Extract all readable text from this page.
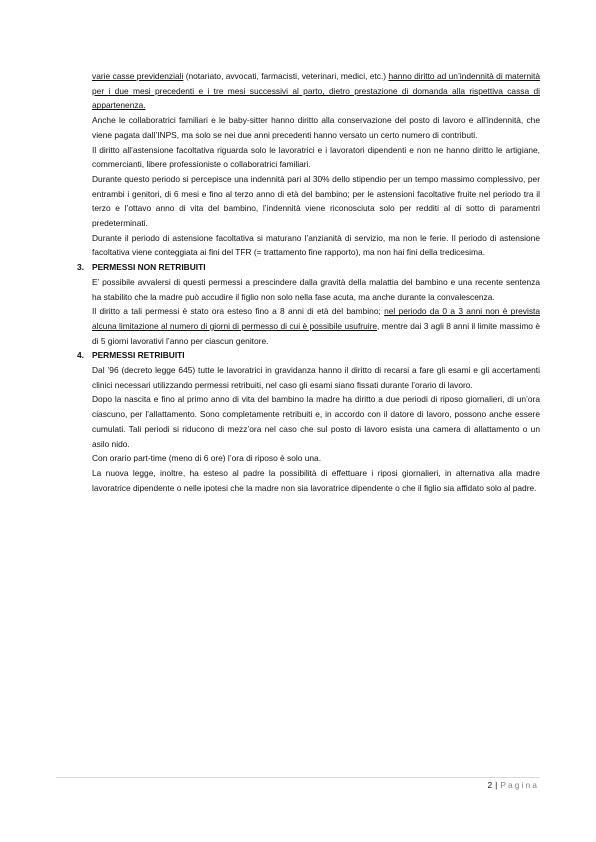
varie casse previdenziali (notariato, avvocati, farmacisti, veterinari, medici, etc.) hanno diritto ad un’indennità di maternità per i due mesi precedenti e i tre mesi successivi al parto, dietro prestazione di domanda alla rispettiva cassa di appartenenza.

Anche le collaboratrici familiari e le baby-sitter hanno diritto alla conservazione del posto di lavoro e all’indennità, che viene pagata dall’INPS, ma solo se nei due anni precedenti hanno versato un certo numero di contributi.

Il diritto all’astensione facoltativa riguarda solo le lavoratrici e i lavoratori dipendenti e non ne hanno diritto le artigiane, commercianti, libere professioniste o collaboratrici familiari.

Durante questo periodo si percepisce una indennità pari al 30% dello stipendio per un tempo massimo complessivo, per entrambi i genitori, di 6 mesi e fino al terzo anno di età del bambino; per le astensioni facoltative fruite nel periodo tra il terzo e l’ottavo anno di vita del bambino, l’indennità viene riconosciuta solo per redditi al di sotto di paramentri predeterminati.

Durante il periodo di astensione facoltativa si maturano l’anzianità di servizio, ma non le ferie. Il periodo di astensione facoltativa viene conteggiata ai fini del TFR (= trattamento fine rapporto), ma non hai fini della tredicesima.

3. PERMESSI NON RETRIBUITI

E’ possibile avvalersi di questi permessi a prescindere dalla gravità della malattia del bambino e una recente sentenza ha stabilito che la madre può accudire il figlio non solo nella fase acuta, ma anche durante la convalescenza.

Il diritto a tali permessi è stato ora esteso fino a 8 anni di età del bambino; nel periodo da 0 a 3 anni non è prevista alcuna limitazione al numero di giorni di permesso di cui è possibile usufruire, mentre dai 3 agli 8 anni il limite massimo è di 5 giorni lavorativi l’anno per ciascun genitore.

4. PERMESSI RETRIBUITI

Dal ’96 (decreto legge 645) tutte le lavoratrici in gravidanza hanno il diritto di recarsi a fare gli esami e gli accertamenti clinici necessari utilizzando permessi retribuiti, nel caso gli esami siano fissati durante l’orario di lavoro.

Dopo la nascita e fino al primo anno di vita del bambino la madre ha diritto a due periodi di riposo giornalieri, di un’ora ciascuno, per l’allattamento. Sono completamente retribuiti e, in accordo con il datore di lavoro, possono anche essere cumulati. Tali periodi si riducono di mezz’ora nel caso che sul posto di lavoro esista una camera di allattamento o un asilo nido.

Con orario part-time (meno di 6 ore) l’ora di riposo è solo una.

La nuova legge, inoltre, ha esteso al padre la possibilità di effettuare i riposi giornalieri, in alternativa alla madre lavoratrice dipendente o nelle ipotesi che la madre non sia lavoratrice dipendente o che il figlio sia affidato solo al padre.

2 | Pagina
